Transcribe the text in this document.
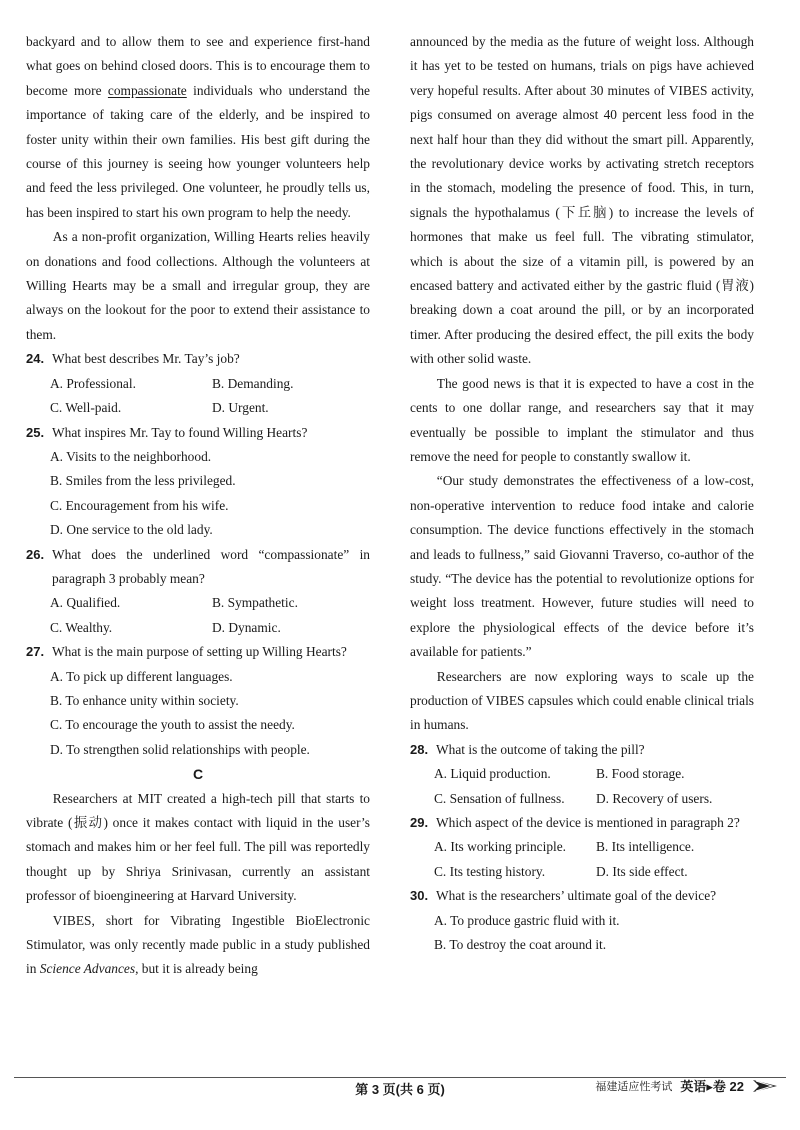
backyard and to allow them to see and experience first-hand what goes on behind closed doors. This is to encourage them to become more compassionate individuals who understand the importance of taking care of the elderly, and be inspired to foster unity within their own families. His best gift during the course of this journey is seeing how younger volunteers help and feed the less privileged. One volunteer, he proudly tells us, has been inspired to start his own program to help the needy.

As a non-profit organization, Willing Hearts relies heavily on donations and food collections. Although the volunteers at Willing Hearts may be a small and irregular group, they are always on the lookout for the poor to extend their assistance to them.

24. What best describes Mr. Tay’s job?
A. Professional.	B. Demanding.
C. Well-paid.	D. Urgent.
25. What inspires Mr. Tay to found Willing Hearts?
A. Visits to the neighborhood.
B. Smiles from the less privileged.
C. Encouragement from his wife.
D. One service to the old lady.
26. What does the underlined word “compassionate” in paragraph 3 probably mean?
A. Qualified.	B. Sympathetic.
C. Wealthy.	D. Dynamic.
27. What is the main purpose of setting up Willing Hearts?
A. To pick up different languages.
B. To enhance unity within society.
C. To encourage the youth to assist the needy.
D. To strengthen solid relationships with people.
C

Researchers at MIT created a high-tech pill that starts to vibrate (振动) once it makes contact with liquid in the user’s stomach and makes him or her feel full. The pill was reportedly thought up by Shriya Srinivasan, currently an assistant professor of bioengineering at Harvard University.

VIBES, short for Vibrating Ingestible BioElectronic Stimulator, was only recently made public in a study published in Science Advances, but it is already being

announced by the media as the future of weight loss. Although it has yet to be tested on humans, trials on pigs have achieved very hopeful results. After about 30 minutes of VIBES activity, pigs consumed on average almost 40 percent less food in the next half hour than they did without the smart pill. Apparently, the revolutionary device works by activating stretch receptors in the stomach, modeling the presence of food. This, in turn, signals the hypothalamus (下丘脑) to increase the levels of hormones that make us feel full. The vibrating stimulator, which is about the size of a vitamin pill, is powered by an encased battery and activated either by the gastric fluid (胃液) breaking down a coat around the pill, or by an incorporated timer. After producing the desired effect, the pill exits the body with other solid waste.

The good news is that it is expected to have a cost in the cents to one dollar range, and researchers say that it may eventually be possible to implant the stimulator and thus remove the need for people to constantly swallow it.

“Our study demonstrates the effectiveness of a low-cost, non-operative intervention to reduce food intake and calorie consumption. The device functions effectively in the stomach and leads to fullness,” said Giovanni Traverso, co-author of the study. “The device has the potential to revolutionize options for weight loss treatment. However, future studies will need to explore the physiological effects of the device before it’s available for patients.”

Researchers are now exploring ways to scale up the production of VIBES capsules which could enable clinical trials in humans.

28. What is the outcome of taking the pill?
A. Liquid production.	B. Food storage.
C. Sensation of fullness.	D. Recovery of users.
29. Which aspect of the device is mentioned in paragraph 2?
A. Its working principle.	B. Its intelligence.
C. Its testing history.	D. Its side effect.
30. What is the researchers’ ultimate goal of the device?
A. To produce gastric fluid with it.
B. To destroy the coat around it.
第 3 页(共 6 页)	福建适应性考试 英语▸卷 22
